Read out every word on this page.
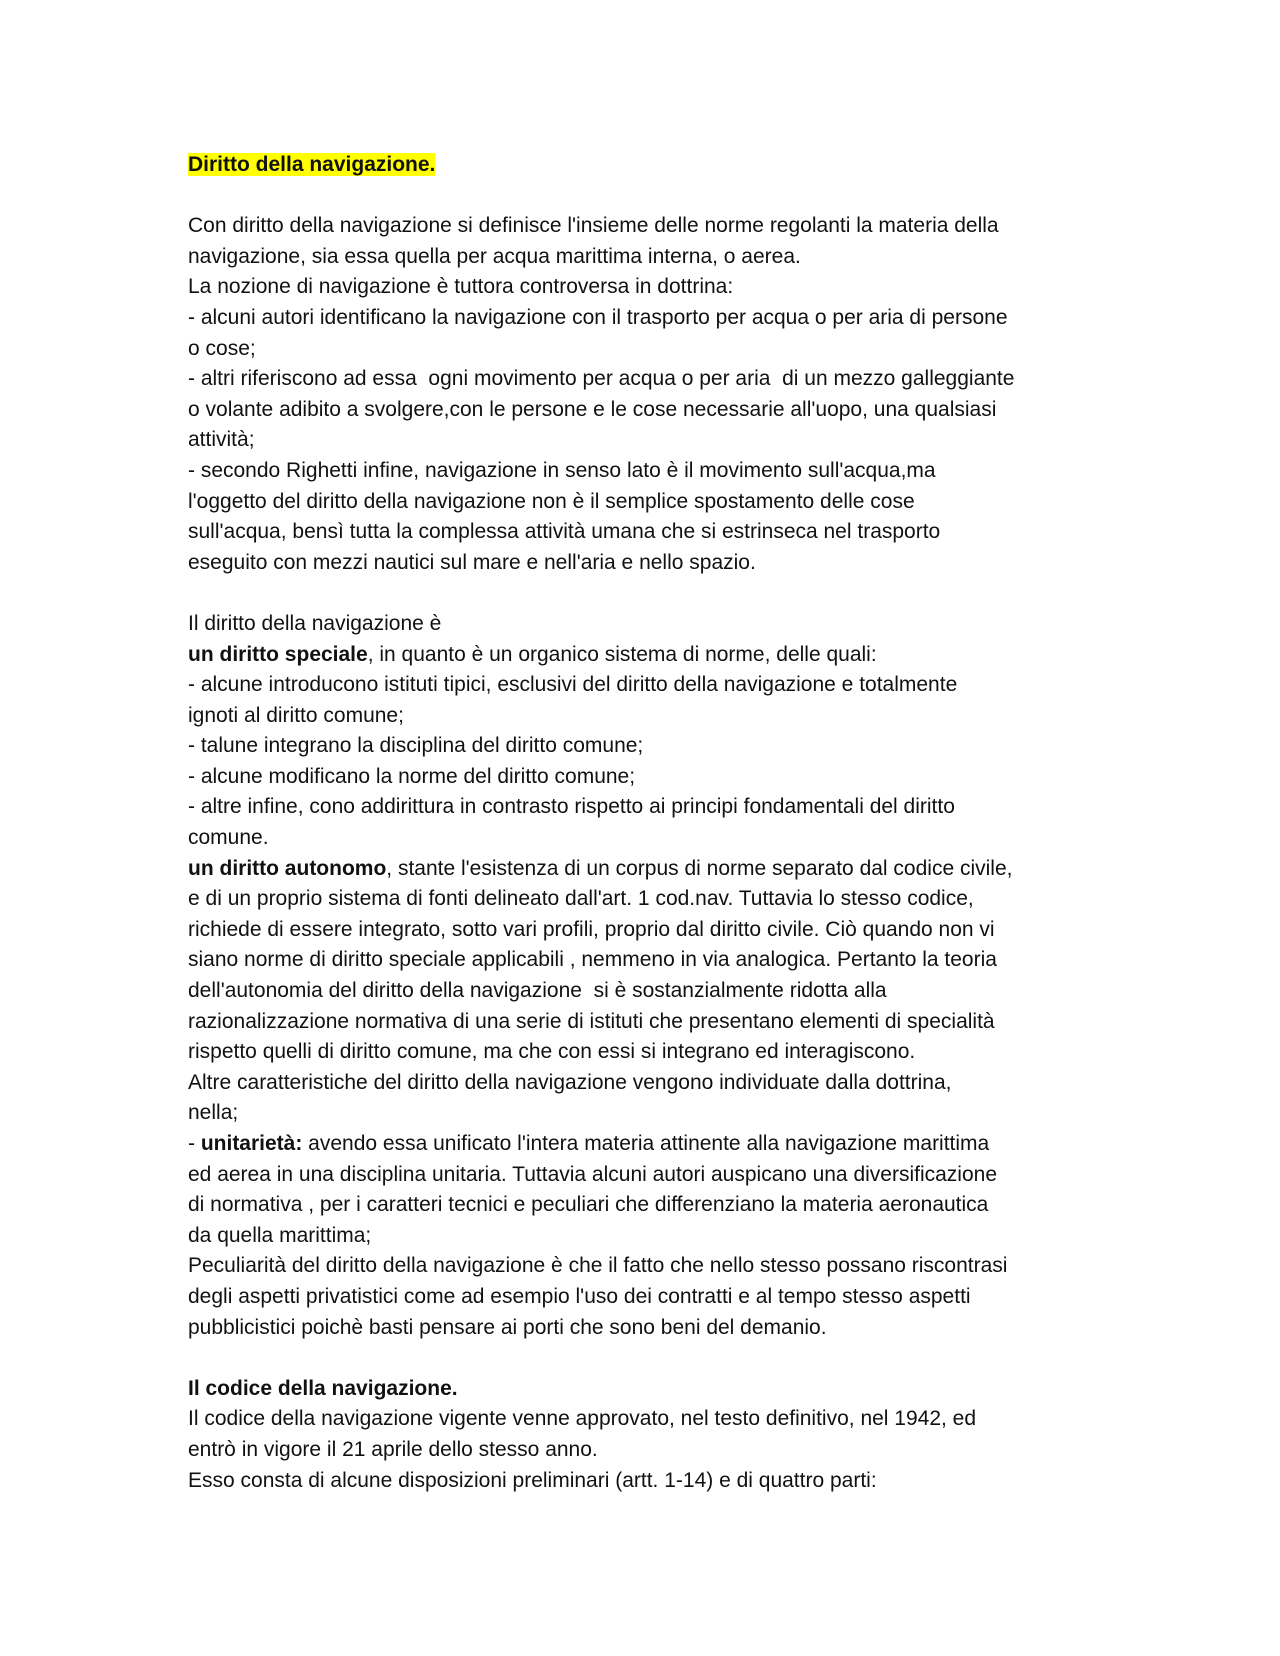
Diritto della navigazione.
Con diritto della navigazione si definisce l'insieme delle norme regolanti la materia della
navigazione, sia essa quella per acqua marittima interna, o aerea.
La nozione di navigazione è tuttora controversa in dottrina:
- alcuni autori identificano la navigazione con il trasporto per acqua o per aria di persone
o cose;
- altri riferiscono ad essa  ogni movimento per acqua o per aria  di un mezzo galleggiante
o volante adibito a svolgere,con le persone e le cose necessarie all'uopo, una qualsiasi
attività;
- secondo Righetti infine, navigazione in senso lato è il movimento sull'acqua,ma
l'oggetto del diritto della navigazione non è il semplice spostamento delle cose
sull'acqua, bensì tutta la complessa attività umana che si estrinseca nel trasporto
eseguito con mezzi nautici sul mare e nell'aria e nello spazio.
Il diritto della navigazione è
un diritto speciale, in quanto è un organico sistema di norme, delle quali:
- alcune introducono istituti tipici, esclusivi del diritto della navigazione e totalmente
ignoti al diritto comune;
- talune integrano la disciplina del diritto comune;
- alcune modificano la norme del diritto comune;
- altre infine, cono addirittura in contrasto rispetto ai principi fondamentali del diritto
comune.
un diritto autonomo, stante l'esistenza di un corpus di norme separato dal codice civile,
e di un proprio sistema di fonti delineato dall'art. 1 cod.nav. Tuttavia lo stesso codice,
richiede di essere integrato, sotto vari profili, proprio dal diritto civile. Ciò quando non vi
siano norme di diritto speciale applicabili , nemmeno in via analogica. Pertanto la teoria
dell'autonomia del diritto della navigazione  si è sostanzialmente ridotta alla
razionalizzazione normativa di una serie di istituti che presentano elementi di specialità
rispetto quelli di diritto comune, ma che con essi si integrano ed interagiscono.
Altre caratteristiche del diritto della navigazione vengono individuate dalla dottrina,
nella;
- unitarietà: avendo essa unificato l'intera materia attinente alla navigazione marittima
ed aerea in una disciplina unitaria. Tuttavia alcuni autori auspicano una diversificazione
di normativa , per i caratteri tecnici e peculiari che differenziano la materia aeronautica
da quella marittima;
Peculiarità del diritto della navigazione è che il fatto che nello stesso possano riscontrasi
degli aspetti privatistici come ad esempio l'uso dei contratti e al tempo stesso aspetti
pubblicistici poichè basti pensare ai porti che sono beni del demanio.
Il codice della navigazione.
Il codice della navigazione vigente venne approvato, nel testo definitivo, nel 1942, ed
entrò in vigore il 21 aprile dello stesso anno.
Esso consta di alcune disposizioni preliminari (artt. 1-14) e di quattro parti:
